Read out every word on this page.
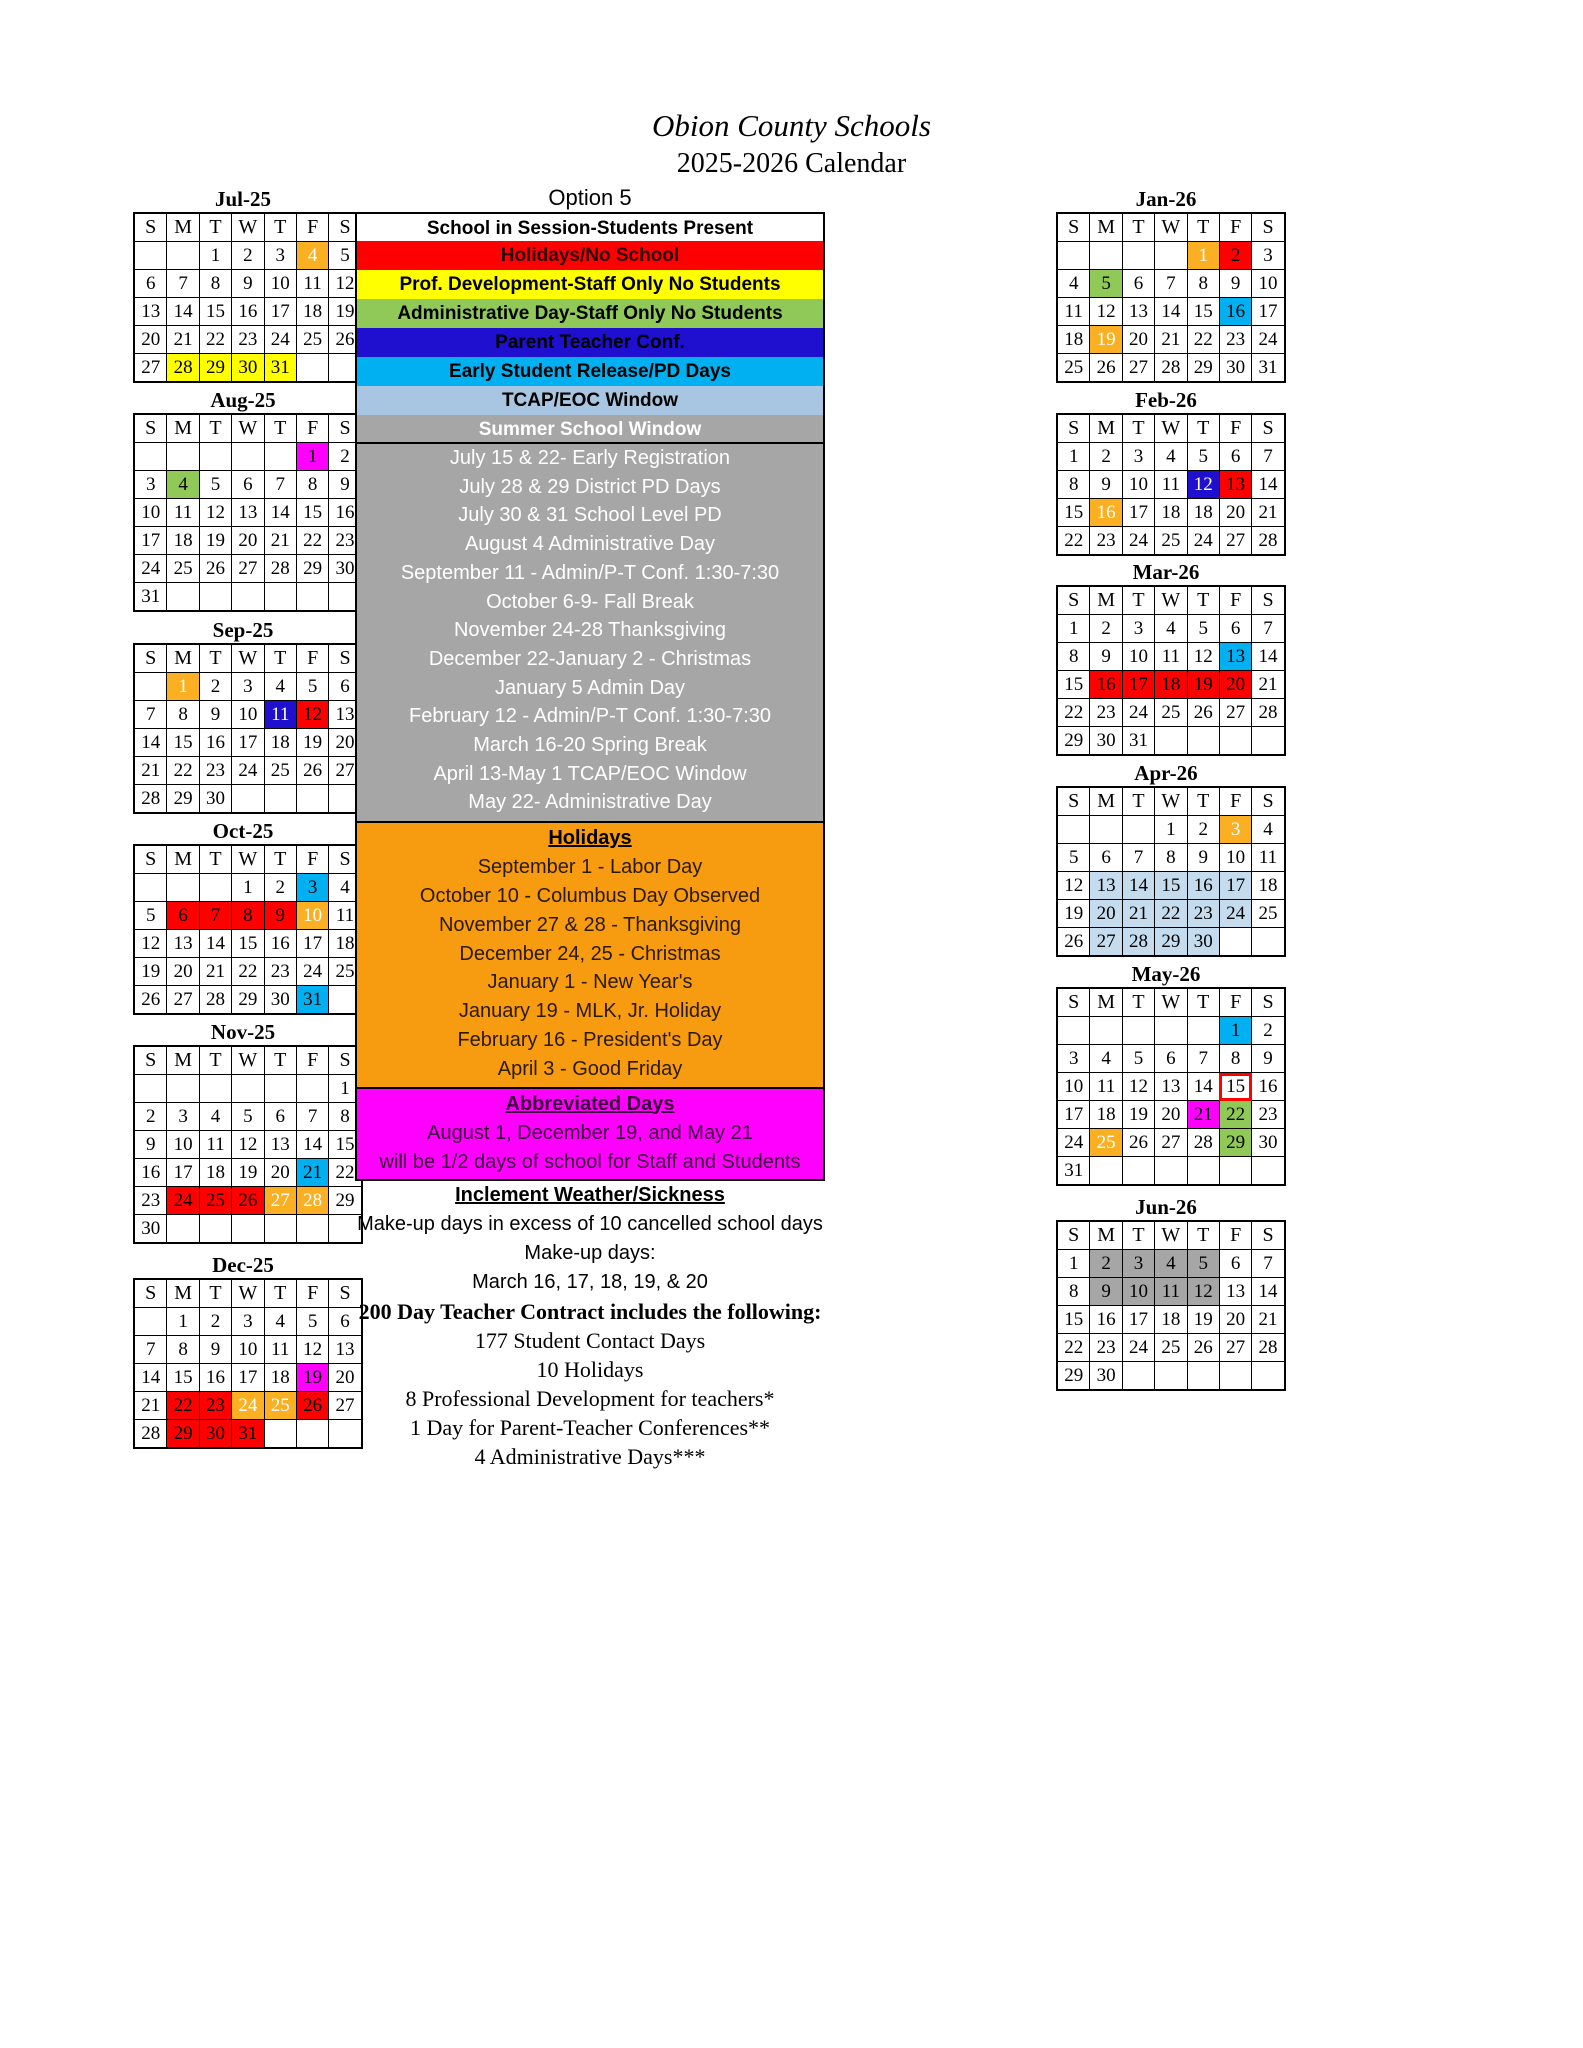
Obion County Schools
2025-2026 Calendar
Option 5
Jul-25
S	M	T	W	T	F	S
		1	2	3	4	5
6	7	8	9	10	11	12
13	14	15	16	17	18	19
20	21	22	23	24	25	26
27	28	29	30	31		
Aug-25
S	M	T	W	T	F	S
					1	2
3	4	5	6	7	8	9
10	11	12	13	14	15	16
17	18	19	20	21	22	23
24	25	26	27	28	29	30
31						
Sep-25
S	M	T	W	T	F	S
	1	2	3	4	5	6
7	8	9	10	11	12	13
14	15	16	17	18	19	20
21	22	23	24	25	26	27
28	29	30				
Oct-25
S	M	T	W	T	F	S
			1	2	3	4
5	6	7	8	9	10	11
12	13	14	15	16	17	18
19	20	21	22	23	24	25
26	27	28	29	30	31	
Nov-25
S	M	T	W	T	F	S
						1
2	3	4	5	6	7	8
9	10	11	12	13	14	15
16	17	18	19	20	21	22
23	24	25	26	27	28	29
30						
Dec-25
S	M	T	W	T	F	S
	1	2	3	4	5	6
7	8	9	10	11	12	13
14	15	16	17	18	19	20
21	22	23	24	25	26	27
28	29	30	31			
Jan-26
S	M	T	W	T	F	S
				1	2	3
4	5	6	7	8	9	10
11	12	13	14	15	16	17
18	19	20	21	22	23	24
25	26	27	28	29	30	31
Feb-26
S	M	T	W	T	F	S
1	2	3	4	5	6	7
8	9	10	11	12	13	14
15	16	17	18	18	20	21
22	23	24	25	24	27	28
Mar-26
S	M	T	W	T	F	S
1	2	3	4	5	6	7
8	9	10	11	12	13	14
15	16	17	18	19	20	21
22	23	24	25	26	27	28
29	30	31				
Apr-26
S	M	T	W	T	F	S
			1	2	3	4
5	6	7	8	9	10	11
12	13	14	15	16	17	18
19	20	21	22	23	24	25
26	27	28	29	30		
May-26
S	M	T	W	T	F	S
					1	2
3	4	5	6	7	8	9
10	11	12	13	14	15	16
17	18	19	20	21	22	23
24	25	26	27	28	29	30
31						
Jun-26
S	M	T	W	T	F	S
1	2	3	4	5	6	7
8	9	10	11	12	13	14
15	16	17	18	19	20	21
22	23	24	25	26	27	28
29	30					
School in Session-Students Present
Holidays/No School
Prof. Development-Staff Only No Students
Administrative Day-Staff Only No Students
Parent Teacher Conf.
Early Student Release/PD Days
TCAP/EOC Window
Summer School Window
July 15 & 22- Early Registration
July 28 & 29 District PD Days
July 30 & 31 School Level PD
August 4 Administrative Day
September 11 - Admin/P-T Conf. 1:30-7:30
October 6-9- Fall Break
November 24-28 Thanksgiving
December 22-January 2 - Christmas
January 5 Admin Day
February 12 - Admin/P-T Conf. 1:30-7:30
March 16-20 Spring Break
April 13-May 1 TCAP/EOC Window
May 22- Administrative Day
Holidays
September 1 - Labor Day
October 10 - Columbus Day Observed
November 27 & 28 - Thanksgiving
December 24, 25 - Christmas
January 1 - New Year's
January 19 - MLK, Jr. Holiday
February 16 - President's Day
April 3 - Good Friday
Abbreviated Days
August 1, December 19, and May 21
will be 1/2 days of school for Staff and Students
Inclement Weather/Sickness
Make-up days in excess of 10 cancelled school days
Make-up days:
March 16, 17, 18, 19, & 20
200 Day Teacher Contract includes the following:
177 Student Contact Days
10 Holidays
8 Professional Development for teachers*
1 Day for Parent-Teacher Conferences**
4 Administrative Days***
